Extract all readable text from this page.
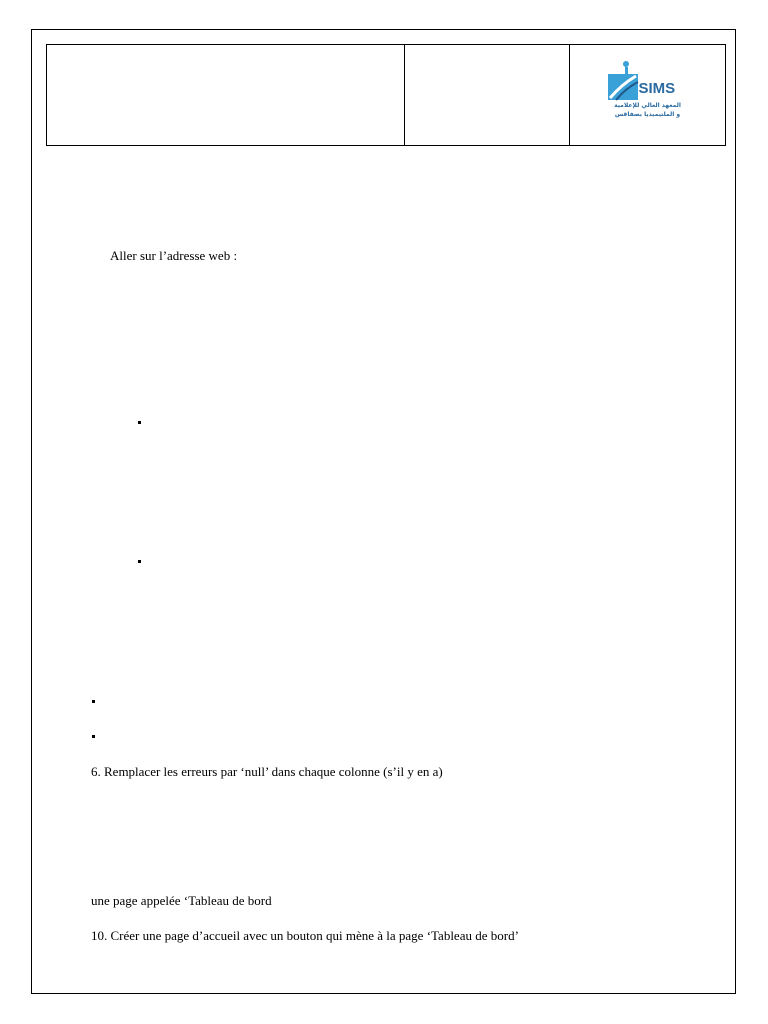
SIMS
المعهد العالي للإعلامية
و الملتيميديا بصفاقس

Aller sur l’adresse web :

6. Remplacer les erreurs par ‘null’ dans chaque colonne (s’il y en a)

une page appelée ‘Tableau de bord

10. Créer une page d’accueil avec un bouton qui mène à la page ‘Tableau de bord’
